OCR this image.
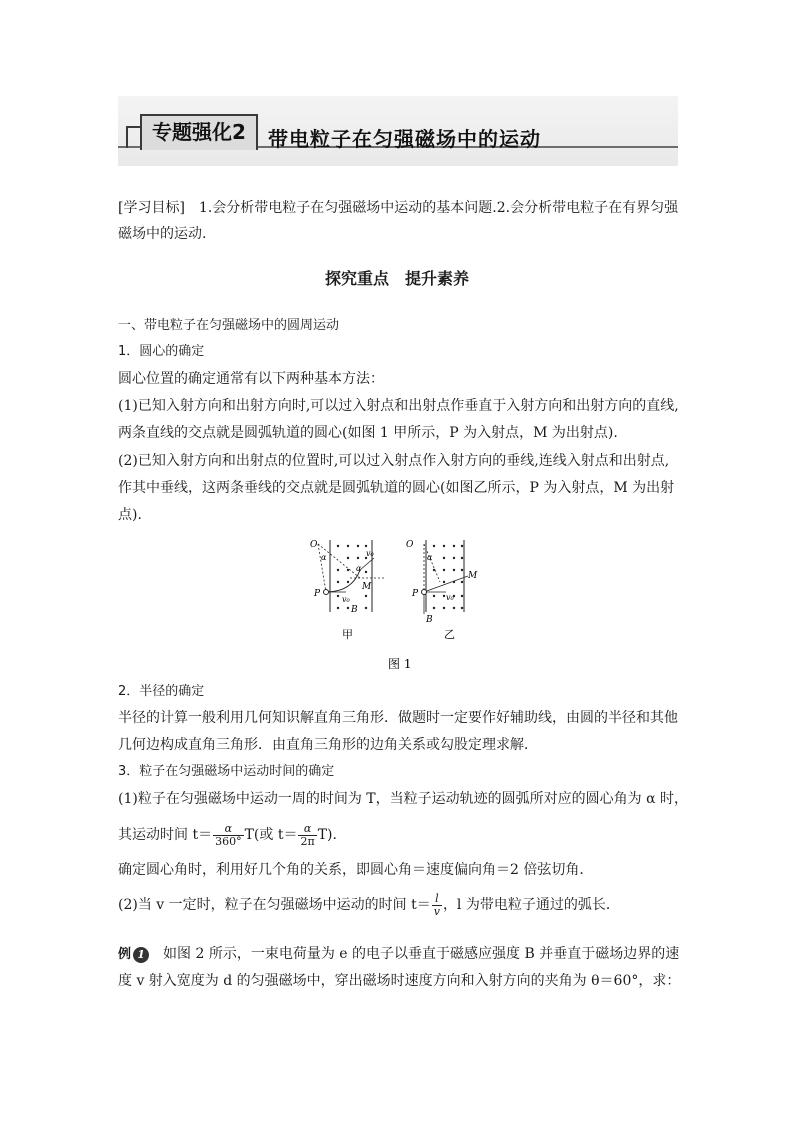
专题强化2	带电粒子在匀强磁场中的运动
[学习目标]　1.会分析带电粒子在匀强磁场中运动的基本问题.2.会分析带电粒子在有界匀强
磁场中的运动.
探究重点　提升素养
一、带电粒子在匀强磁场中的圆周运动
1．圆心的确定
圆心位置的确定通常有以下两种基本方法：
(1)已知入射方向和出射方向时,可以过入射点和出射点作垂直于入射方向和出射方向的直线,
两条直线的交点就是圆弧轨道的圆心(如图 1 甲所示，P 为入射点，M 为出射点).
(2)已知入射方向和出射点的位置时,可以过入射点作入射方向的垂线,连线入射点和出射点,
作其中垂线，这两条垂线的交点就是圆弧轨道的圆心(如图乙所示，P 为入射点，M 为出射
点).
O
α
α
v₀
M
P
v₀
B
甲
O
α
M
P	v₀
B
乙
图 1
2．半径的确定
半径的计算一般利用几何知识解直角三角形．做题时一定要作好辅助线，由圆的半径和其他
几何边构成直角三角形．由直角三角形的边角关系或勾股定理求解．
3．粒子在匀强磁场中运动时间的确定
(1)粒子在匀强磁场中运动一周的时间为 T，当粒子运动轨迹的圆弧所对应的圆心角为 α 时，
其运动时间 $t= \frac{\alpha}{360^\circ} T$(或 $t= \frac{\alpha}{2\pi} T$).
确定圆心角时，利用好几个角的关系，即圆心角＝速度偏向角＝2 倍弦切角．
(2)当 v 一定时，粒子在匀强磁场中运动的时间 $t= \frac{l}{v}$ ，l 为带电粒子通过的弧长．
例 1　如图 2 所示，一束电荷量为 e 的电子以垂直于磁感应强度 B 并垂直于磁场边界的速
度 v 射入宽度为 d 的匀强磁场中，穿出磁场时速度方向和入射方向的夹角为 θ＝60°，求：
